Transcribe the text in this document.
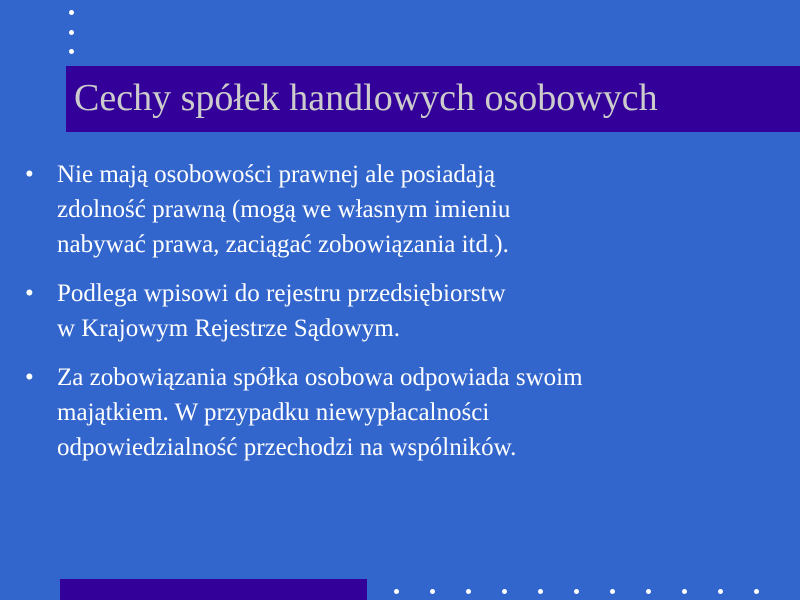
Cechy spółek handlowych osobowych
• Nie mają osobowości prawnej ale posiadają
zdolność prawną (mogą we własnym imieniu
nabywać prawa, zaciągać zobowiązania itd.).
• Podlega wpisowi do rejestru przedsiębiorstw
w Krajowym Rejestrze Sądowym.
• Za zobowiązania spółka osobowa odpowiada swoim
majątkiem. W przypadku niewypłacalności
odpowiedzialność przechodzi na wspólników.
